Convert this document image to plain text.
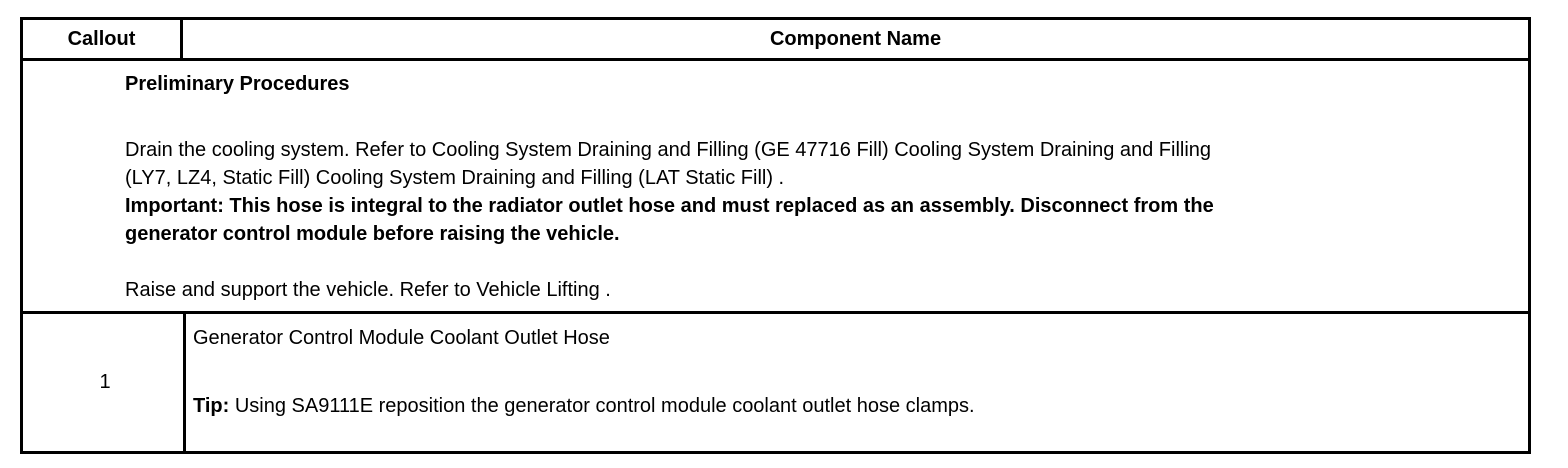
Callout	Component Name
Preliminary Procedures
Drain the cooling system. Refer to Cooling System Draining and Filling (GE 47716 Fill) Cooling System Draining and Filling
(LY7, LZ4, Static Fill) Cooling System Draining and Filling (LAT Static Fill) .
Important: This hose is integral to the radiator outlet hose and must replaced as an assembly. Disconnect from the
generator control module before raising the vehicle.
Raise and support the vehicle. Refer to Vehicle Lifting .
1
Generator Control Module Coolant Outlet Hose
Tip: Using SA9111E reposition the generator control module coolant outlet hose clamps.
